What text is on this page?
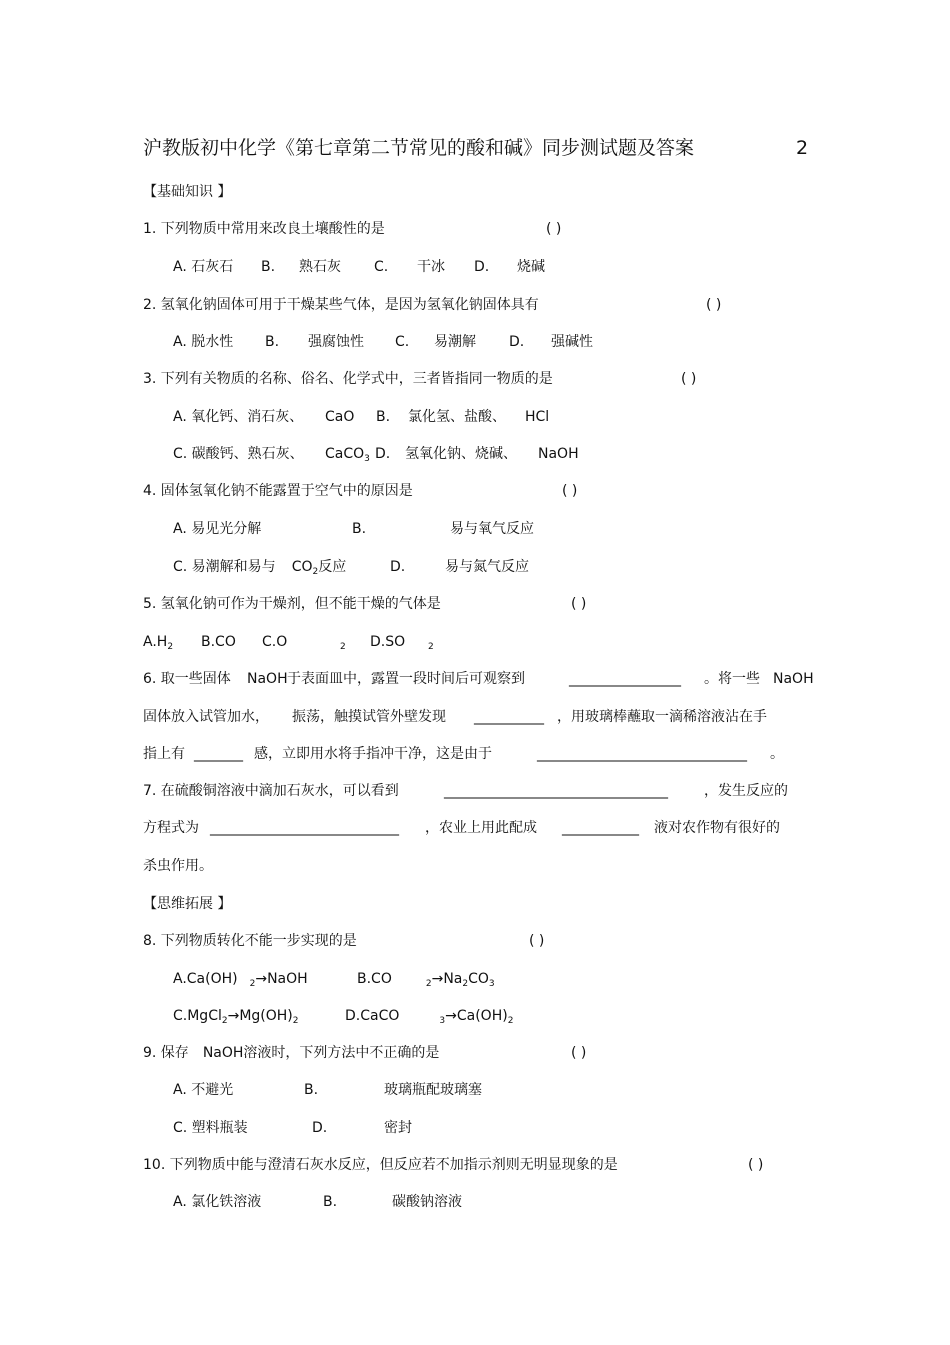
沪教版初中化学《第七章第二节常见的酸和碱》同步测试题及答案	2
【基础知识 】
1. 下列物质中常用来改良土壤酸性的是	( )
A. 石灰石 B. 熟石灰 C. 干冰 D. 烧碱
2. 氢氧化钠固体可用于干燥某些气体，是因为氢氧化钠固体具有	( )
A. 脱水性 B. 强腐蚀性 C. 易潮解 D. 强碱性
3. 下列有关物质的名称、俗名、化学式中，三者皆指同一物质的是	( )
A. 氧化钙、消石灰、 CaO B. 氯化氢、盐酸、 HCl
C. 碳酸钙、熟石灰、 CaCO$_3$ D. 氢氧化钠、烧碱、 NaOH
4. 固体氢氧化钠不能露置于空气中的原因是	( )
A. 易见光分解	B.	易与氧气反应
C. 易潮解和易与 $CO_2$反应	D.	易与氮气反应
5. 氢氧化钠可作为干燥剂，但不能干燥的气体是	( )
$A.H_2$ B.CO C.O	$_2$ D.SO	$_2$
6. 取一些固体 NaOH 于表面皿中，露置一段时间后可观察到	________________ 。将一些 NaOH
固体放入试管加水， 振荡，触摸试管外壁发现 __________ ，用玻璃棒蘸取一滴稀溶液沾在手
指上有 _______ 感，立即用水将手指冲干净，这是由于	______________________________ 。
7. 在硫酸铜溶液中滴加石灰水，可以看到	________________________________	，发生反应的
方程式为 ___________________________ ，农业上用此配成 ___________ 液对农作物有很好的
杀虫作用。
【思维拓展 】
8. 下列物质转化不能一步实现的是	( )
A.Ca(OH) $_2$→NaOH	B.CO	$_2\to Na_2CO_3$
$C.MgCl_2\to Mg(OH)_2$	D.CaCO	$_3\to Ca(OH)_2$
9. 保存 NaOH溶液时，下列方法中不正确的是	( )
A. 不避光	B.	玻璃瓶配玻璃塞
C. 塑料瓶装	D.	密封
10. 下列物质中能与澄清石灰水反应，但反应若不加指示剂则无明显现象的是	( )
A. 氯化铁溶液	B.	碳酸钠溶液
